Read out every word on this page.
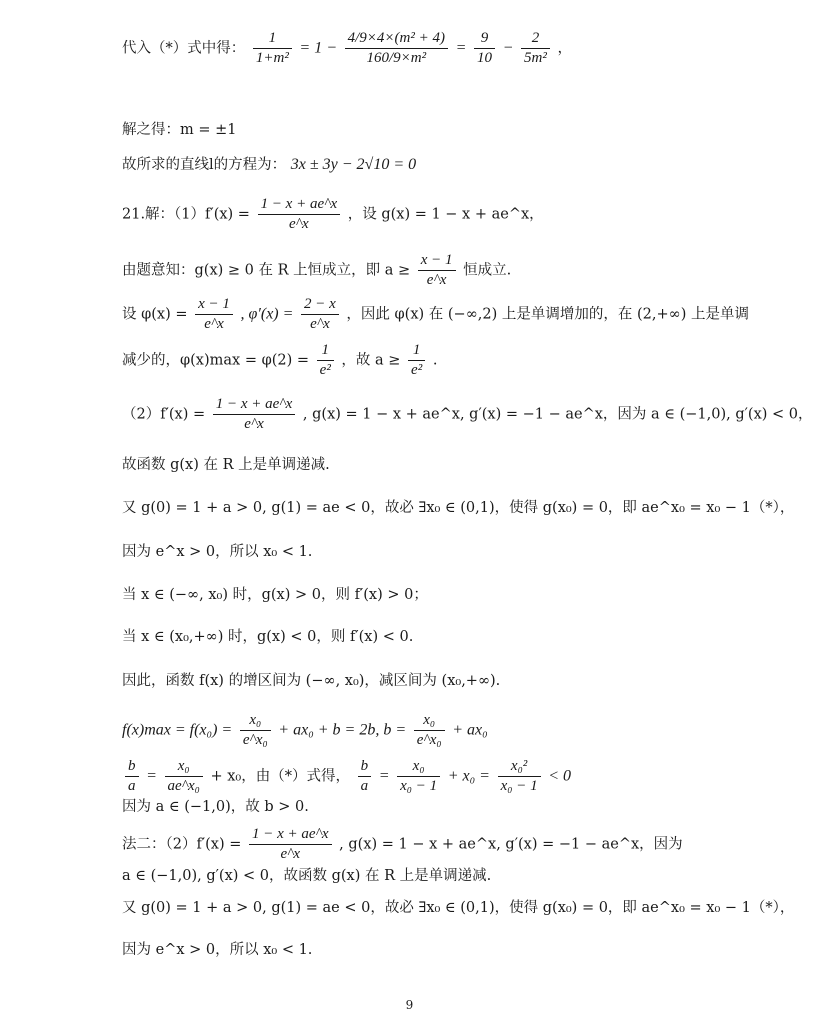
代入（*）式中得： $\frac{1}{\text{1+m²}} = 1 - \frac{\text{4/9×4×(m² + 4)}}{\text{160/9×m²}} = \frac{9}{10} - \frac{2}{\text{5m²}}$ ，
解之得：m = ±1
故所求的直线l的方程为： 3x ± 3y − 2√10 = 0
21.解：$(1)f'(x) = \frac{1 - x + ae\^{}x}{e\^{}x}$ ，设 g(x) = 1 − x + ae^x，
由题意知：g(x) ≥ 0 在 R 上恒成立，即 $a \ge \frac{x - 1}{e\^{}x}$ 恒成立.
设 $\varphi(x) = \frac{x - 1}{e\^{}x}$ , $\varphi'(x) = \frac{2 - x}{e\^{}x}$ ，因此 φ(x) 在 (−∞,2) 上是单调增加的，在 (2,+∞) 上是单调
减少的，$\varphi(x)\max = \varphi(2) = \frac{1}{\text{e²}}$ ，故 $a \ge \frac{1}{\text{e²}}$ .
$(2)f'(x) = \frac{1 - x + ae\^{}x}{e\^{}x}$ , g(x) = 1 − x + ae^x, g′(x) = −1 − ae^x，因为 a ∈ (−1,0), g′(x) < 0，
故函数 g(x) 在 R 上是单调递减.
又 g(0) = 1 + a > 0, g(1) = ae < 0，故必 ∃x₀ ∈ (0,1)，使得 g(x₀) = 0，即 ae^x₀ = x₀ − 1（*），
因为 e^x > 0，所以 x₀ < 1.
当 x ∈ (−∞, x₀) 时，g(x) > 0，则 f′(x) > 0；
当 x ∈ (x₀,+∞) 时，g(x) < 0，则 f′(x) < 0.
因此，函数 f(x) 的增区间为 (−∞, x₀)，减区间为 (x₀,+∞).
$f(x)\max = f(x_0) = \frac{\text{x₀}}{\text{e\textasciicircum{}x₀}} + ax_0 + b = 2b$, $b = \frac{\text{x₀}}{\text{e\textasciicircum{}x₀}} + ax_0$
$\frac{b}{a} = \frac{\text{x₀}}{\text{ae\textasciicircum{}x₀}} + x_0$，由（*）式得， $\frac{b}{a} = \frac{\text{x₀}}{\text{x₀ − 1}} + x_0 = \frac{\text{x₀²}}{\text{x₀ − 1}} < 0$
因为 a ∈ (−1,0)，故 b > 0.
法二：$(2)f'(x) = \frac{1 - x + ae\^{}x}{e\^{}x}$ , g(x) = 1 − x + ae^x, g′(x) = −1 − ae^x，因为
a ∈ (−1,0), g′(x) < 0，故函数 g(x) 在 R 上是单调递减.
又 g(0) = 1 + a > 0, g(1) = ae < 0，故必 ∃x₀ ∈ (0,1)，使得 g(x₀) = 0，即 ae^x₀ = x₀ − 1（*），
因为 e^x > 0，所以 x₀ < 1.
9
